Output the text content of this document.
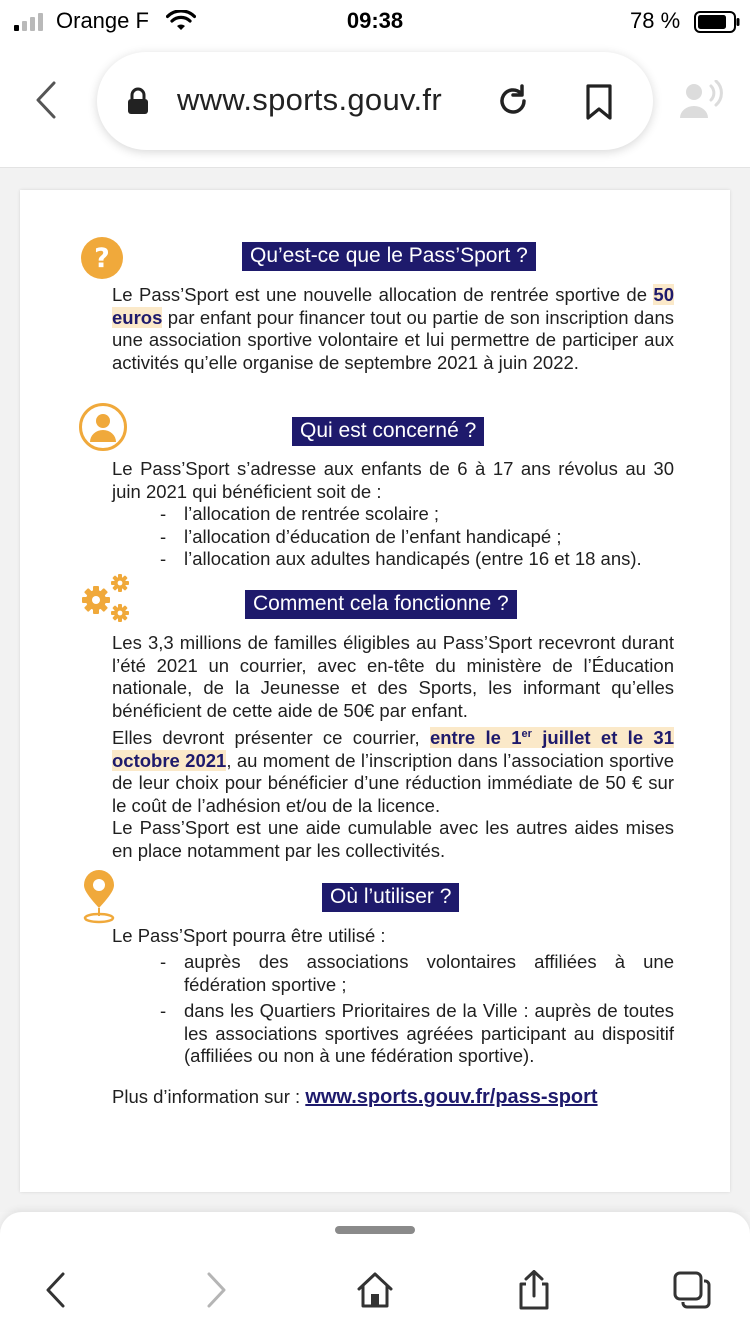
Orange F	09:38	78 %
www.sports.gouv.fr
?	Qu’est-ce que le Pass’Sport ?
Le Pass’Sport est une nouvelle allocation de rentrée sportive de 50 euros par enfant pour financer tout ou partie de son inscription dans une association sportive volontaire et lui permettre de participer aux activités qu’elle organise de septembre 2021 à juin 2022.
Qui est concerné ?
Le Pass’Sport s’adresse aux enfants de 6 à 17 ans révolus au 30 juin 2021 qui bénéficient soit de :
- l’allocation de rentrée scolaire ;
- l’allocation d’éducation de l’enfant handicapé ;
- l’allocation aux adultes handicapés (entre 16 et 18 ans).
Comment cela fonctionne ?
Les 3,3 millions de familles éligibles au Pass’Sport recevront durant l’été 2021 un courrier, avec en-tête du ministère de l’Éducation nationale, de la Jeunesse et des Sports, les informant qu’elles bénéficient de cette aide de 50€ par enfant.
Elles devront présenter ce courrier, entre le 1er juillet et le 31 octobre 2021, au moment de l’inscription dans l’association sportive de leur choix pour bénéficier d’une réduction immédiate de 50 € sur le coût de l’adhésion et/ou de la licence.
Le Pass’Sport est une aide cumulable avec les autres aides mises en place notamment par les collectivités.
Où l’utiliser ?
Le Pass’Sport pourra être utilisé :
- auprès des associations volontaires affiliées à une fédération sportive ;
- dans les Quartiers Prioritaires de la Ville : auprès de toutes les associations sportives agréées participant au dispositif (affiliées ou non à une fédération sportive).
Plus d’information sur : www.sports.gouv.fr/pass-sport
